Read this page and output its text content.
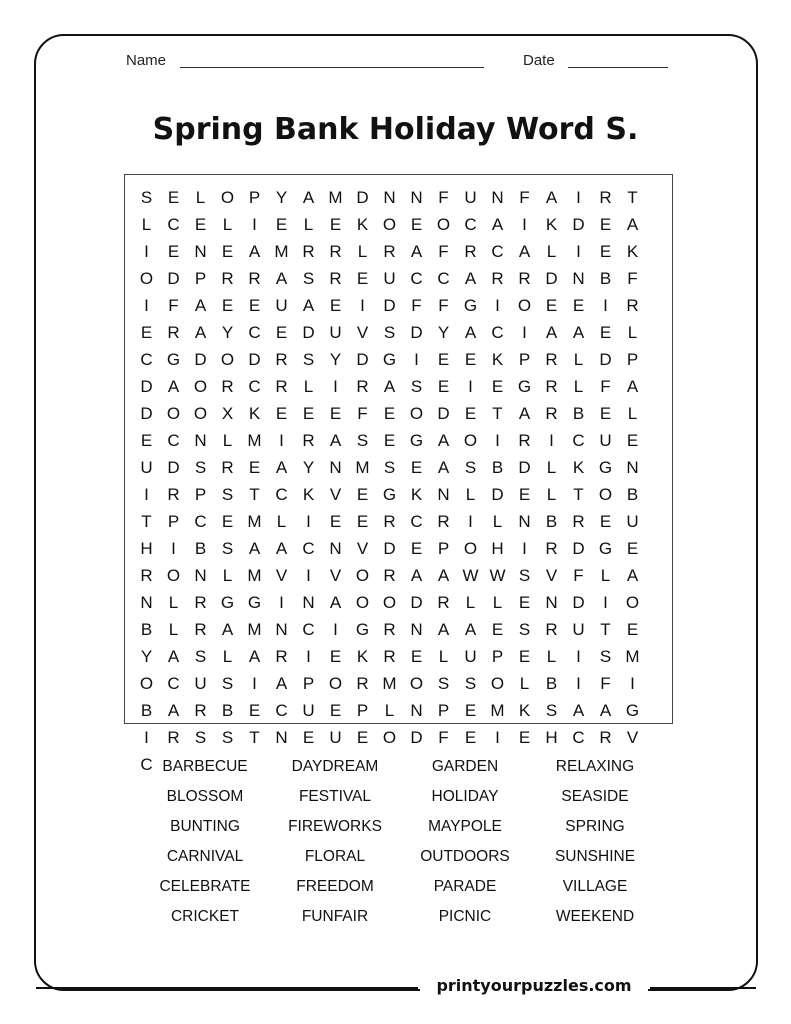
Name	Date
Spring Bank Holiday Word S.
S E L O P Y A M D N N F U N F A	I	R T
L C E L	I	E L E K O E O C A	I	K D E A
I	E N E A M R R L R A F R C A L	I	E K
O D P R R A S R E U C C A R R D N B F
I	F A E E U A E	I	D F F G	I	O E E	I	R
E R A Y C E D U V S D Y A C	I	A A E L
C G D O D R S Y D G	I	E E K P R L D P
D A O R C R L	I	R A S E	I	E G R L	F A
D O O X K E E E F E O D E T A R B E L
E C N L M	I	R A S E G A O	I	R	I	C U E
U D S R E A Y N M S E A S B D L K G N
I	R P S T C K V E G K N L D E L	T O B
T P C E M L	I	E E R C R	I	L N B R E U
H	I	B S A A C N V D E P O H	I	R D G E
R O N L M V	I	V O R A A W W S V F	L A
N L R G G	I	N A O O D R L	L E N D	I	O
B L R A M N C	I	G R N A A E S R U T E
Y A S L A R	I	E K R E L U P E L	I	S M
O C U S	I	A P O R M O S S O L B	I	F	I
B A R B E C U E P L N P E M K S A A G
I	R S S T N E U E O D F E	I	E H C R V
C BARBECUE	DAYDREAM	GARDEN	RELAXING
BLOSSOM	FESTIVAL	HOLIDAY	SEASIDE
BUNTING	FIREWORKS	MAYPOLE	SPRING
CARNIVAL	FLORAL	OUTDOORS	SUNSHINE
CELEBRATE	FREEDOM	PARADE	VILLAGE
CRICKET	FUNFAIR	PICNIC	WEEKEND
printyourpuzzles.com
